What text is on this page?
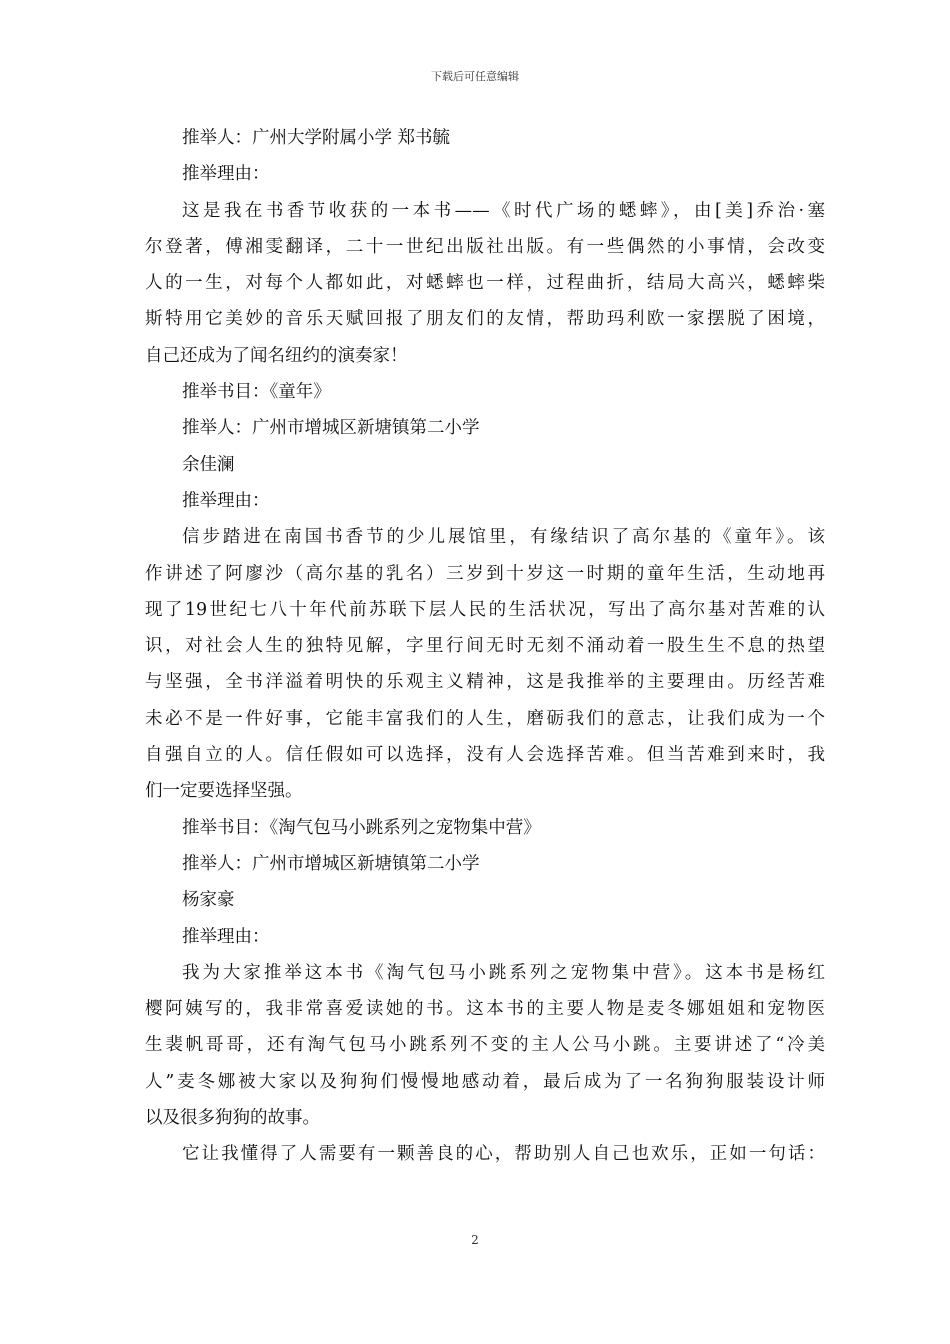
下载后可任意编辑
推举人：广州大学附属小学 郑书毓
推举理由：
这是我在书香节收获的一本书——《时代广场的蟋蟀》，由[美]乔治·塞
尔登著，傅湘雯翻译，二十一世纪出版社出版。有一些偶然的小事情，会改变
人的一生，对每个人都如此，对蟋蟀也一样，过程曲折，结局大高兴，蟋蟀柴
斯特用它美妙的音乐天赋回报了朋友们的友情，帮助玛利欧一家摆脱了困境，
自己还成为了闻名纽约的演奏家！
推举书目：《童年》
推举人：广州市增城区新塘镇第二小学
余佳澜
推举理由：
信步踏进在南国书香节的少儿展馆里，有缘结识了高尔基的《童年》。该
作讲述了阿廖沙（高尔基的乳名）三岁到十岁这一时期的童年生活，生动地再
现了19世纪七八十年代前苏联下层人民的生活状况，写出了高尔基对苦难的认
识，对社会人生的独特见解，字里行间无时无刻不涌动着一股生生不息的热望
与坚强，全书洋溢着明快的乐观主义精神，这是我推举的主要理由。历经苦难
未必不是一件好事，它能丰富我们的人生，磨砺我们的意志，让我们成为一个
自强自立的人。信任假如可以选择，没有人会选择苦难。但当苦难到来时，我
们一定要选择坚强。
推举书目：《淘气包马小跳系列之宠物集中营》
推举人：广州市增城区新塘镇第二小学
杨家豪
推举理由：
我为大家推举这本书《淘气包马小跳系列之宠物集中营》。这本书是杨红
樱阿姨写的，我非常喜爱读她的书。这本书的主要人物是麦冬娜姐姐和宠物医
生裴帆哥哥，还有淘气包马小跳系列不变的主人公马小跳。主要讲述了“冷美
人”麦冬娜被大家以及狗狗们慢慢地感动着，最后成为了一名狗狗服装设计师
以及很多狗狗的故事。
它让我懂得了人需要有一颗善良的心，帮助别人自己也欢乐，正如一句话：
2
